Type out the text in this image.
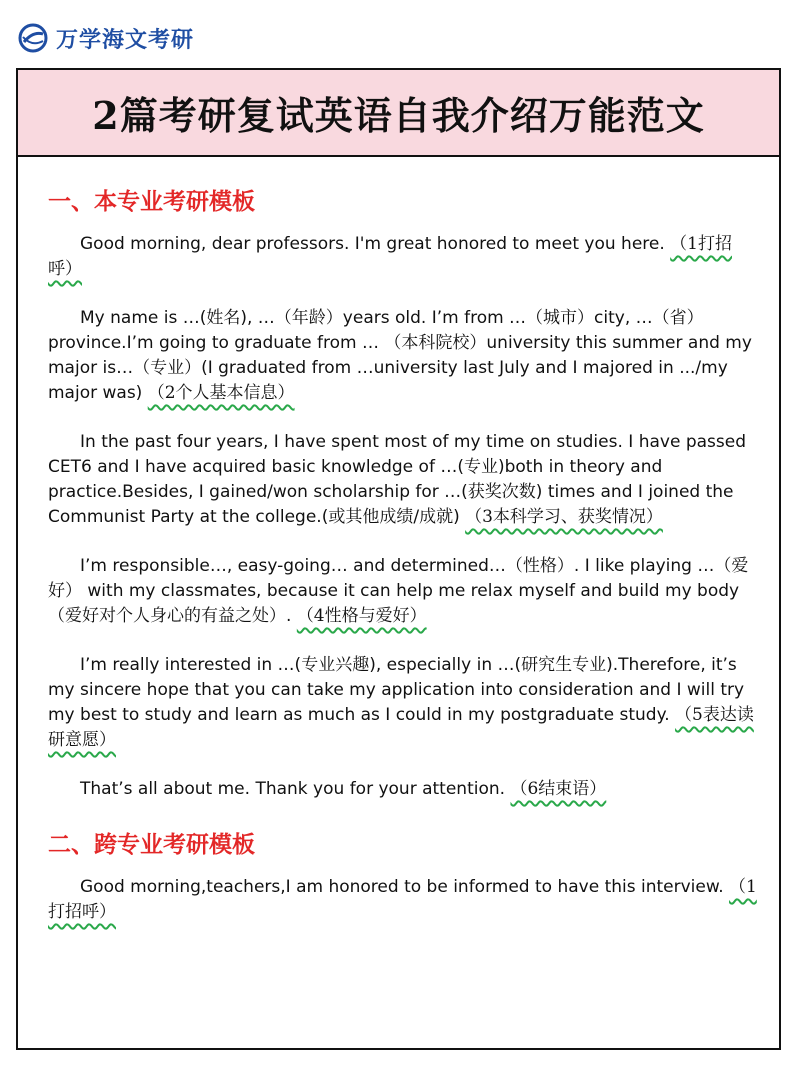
万学海文考研
2篇考研复试英语自我介绍万能范文
一、本专业考研模板

Good morning, dear professors. I'm great honored to meet you here. （1打招呼）

My name is …(姓名), …（年龄）years old. I’m from …（城市）city, …（省） province.I’m going to graduate from … （本科院校）university this summer and my major is…（专业）(I graduated from …university last July and I majored in .../my major was) （2个人基本信息）

In the past four years, I have spent most of my time on studies. I have passed CET6 and I have acquired basic knowledge of …(专业)both in theory and practice.Besides, I gained/won scholarship for …(获奖次数) times and I joined the Communist Party at the college.(或其他成绩/成就) （3本科学习、获奖情况）

I’m responsible…, easy-going… and determined…（性格）. I like playing …（爱好） with my classmates, because it can help me relax myself and build my body（爱好对个人身心的有益之处）. （4性格与爱好）

I’m really interested in …(专业兴趣), especially in …(研究生专业).Therefore, it’s my sincere hope that you can take my application into consideration and I will try my best to study and learn as much as I could in my postgraduate study. （5表达读研意愿）

That’s all about me. Thank you for your attention. （6结束语）

二、跨专业考研模板

Good morning,teachers,I am honored to be informed to have this interview. （1打招呼）
